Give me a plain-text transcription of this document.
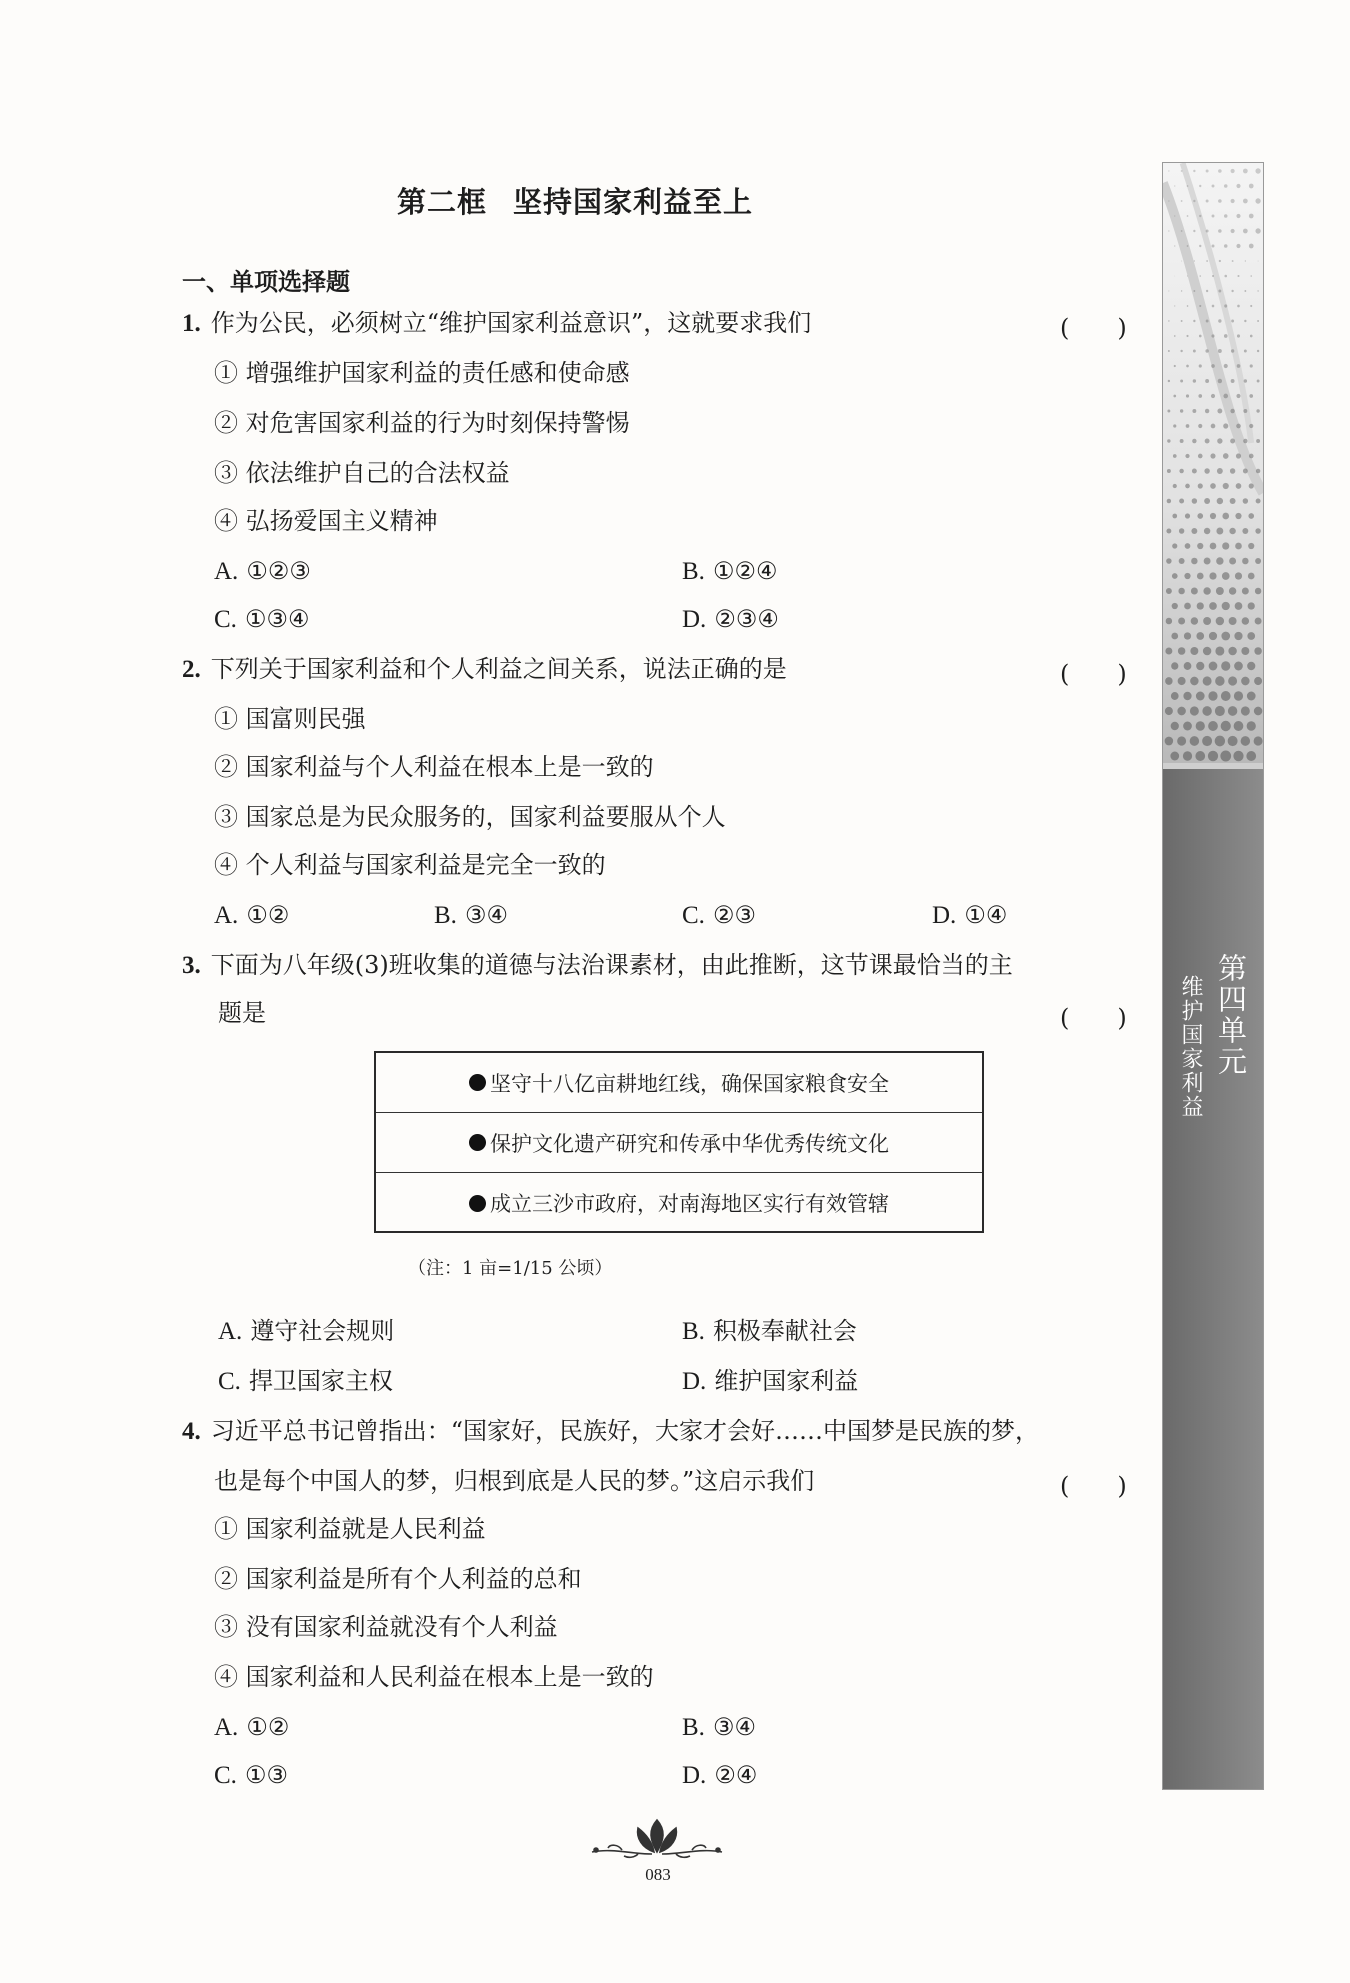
第二框 坚持国家利益至上
一、单项选择题
1. 作为公民，必须树立“维护国家利益意识”，这就要求我们	(　　)
① 增强维护国家利益的责任感和使命感
② 对危害国家利益的行为时刻保持警惕
③ 依法维护自己的合法权益
④ 弘扬爱国主义精神
A. ①②③	B. ①②④
C. ①③④	D. ②③④
2. 下列关于国家利益和个人利益之间关系，说法正确的是	(　　)
① 国富则民强
② 国家利益与个人利益在根本上是一致的
③ 国家总是为民众服务的，国家利益要服从个人
④ 个人利益与国家利益是完全一致的
A. ①②	B. ③④	C. ②③	D. ①④
3. 下面为八年级(3)班收集的道德与法治课素材，由此推断，这节课最恰当的主
题是	(　　)
坚守十八亿亩耕地红线，确保国家粮食安全
保护文化遗产研究和传承中华优秀传统文化
成立三沙市政府，对南海地区实行有效管辖
（注：1 亩=1/15 公顷）
A. 遵守社会规则	B. 积极奉献社会
C. 捍卫国家主权	D. 维护国家利益
4. 习近平总书记曾指出：“国家好，民族好，大家才会好……中国梦是民族的梦，
也是每个中国人的梦，归根到底是人民的梦。”这启示我们	(　　)
① 国家利益就是人民利益
② 国家利益是所有个人利益的总和
③ 没有国家利益就没有个人利益
④ 国家利益和人民利益在根本上是一致的
A. ①②	B. ③④
C. ①③	D. ②④
第四单元
维护国家利益
083
